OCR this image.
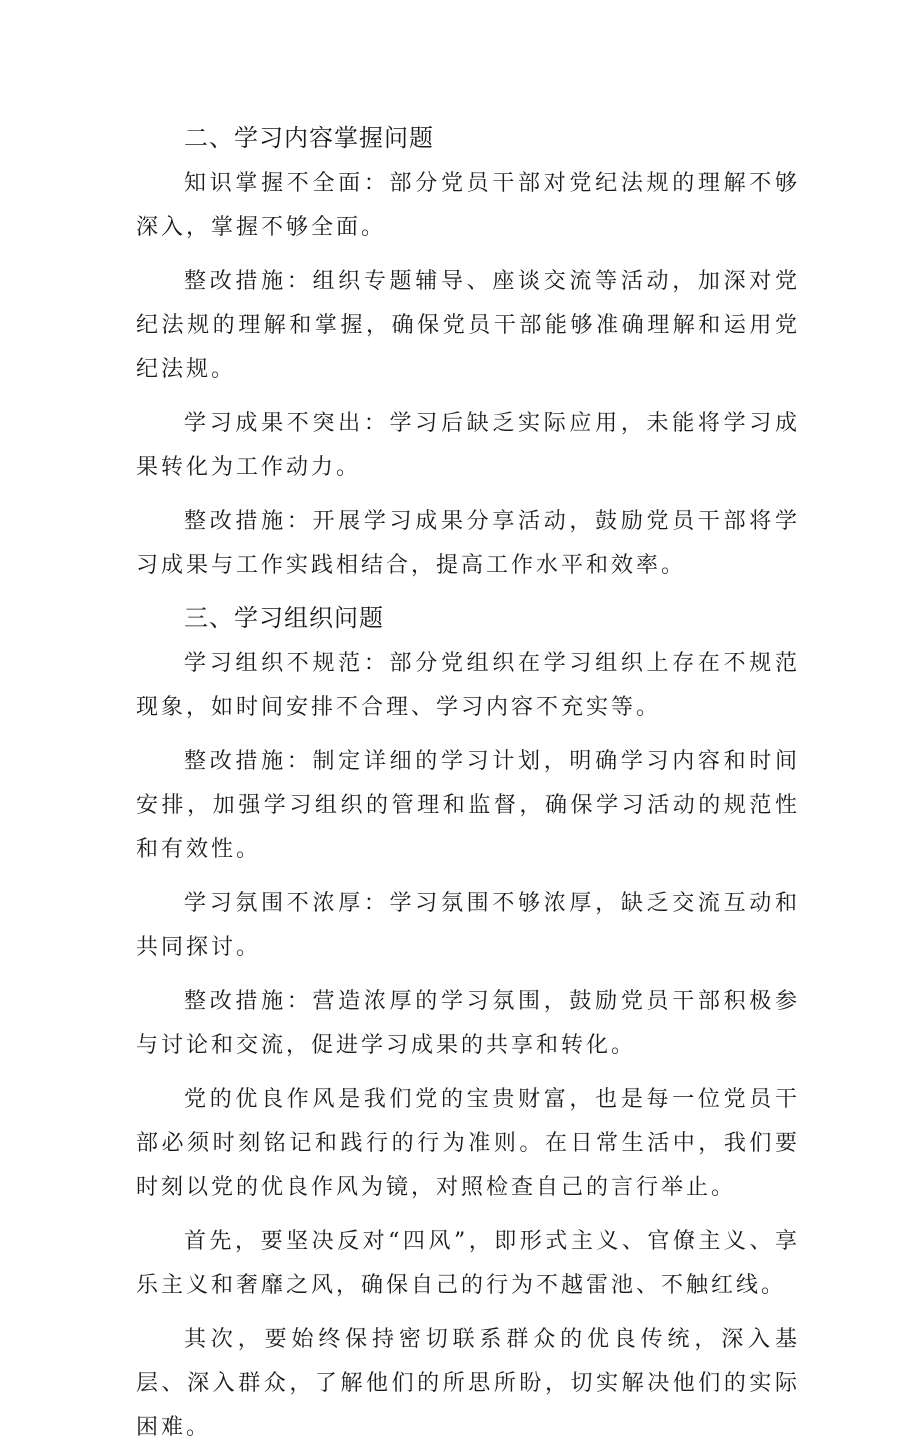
二、学习内容掌握问题

知识掌握不全面：部分党员干部对党纪法规的理解不够深入，掌握不够全面。

整改措施：组织专题辅导、座谈交流等活动，加深对党纪法规的理解和掌握，确保党员干部能够准确理解和运用党纪法规。

学习成果不突出：学习后缺乏实际应用，未能将学习成果转化为工作动力。

整改措施：开展学习成果分享活动，鼓励党员干部将学习成果与工作实践相结合，提高工作水平和效率。

三、学习组织问题

学习组织不规范：部分党组织在学习组织上存在不规范现象，如时间安排不合理、学习内容不充实等。

整改措施：制定详细的学习计划，明确学习内容和时间安排，加强学习组织的管理和监督，确保学习活动的规范性和有效性。

学习氛围不浓厚：学习氛围不够浓厚，缺乏交流互动和共同探讨。

整改措施：营造浓厚的学习氛围，鼓励党员干部积极参与讨论和交流，促进学习成果的共享和转化。

党的优良作风是我们党的宝贵财富，也是每一位党员干部必须时刻铭记和践行的行为准则。在日常生活中，我们要时刻以党的优良作风为镜，对照检查自己的言行举止。

首先，要坚决反对“四风”，即形式主义、官僚主义、享乐主义和奢靡之风，确保自己的行为不越雷池、不触红线。

其次，要始终保持密切联系群众的优良传统，深入基层、深入群众，了解他们的所思所盼，切实解决他们的实际困难。
